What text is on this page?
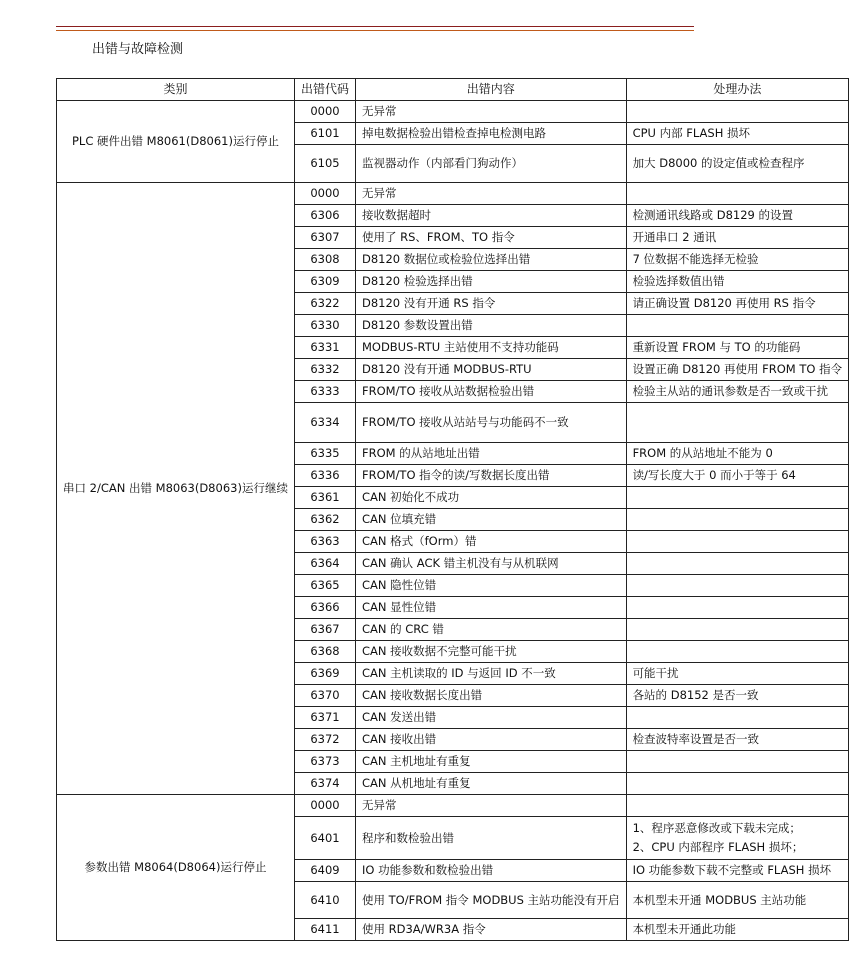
出错与故障检测
类别	出错代码	出错内容	处理办法
PLC 硬件出错 M8061(D8061)运行停止	0000	无异常	
	6101	掉电数据检验出错检查掉电检测电路	CPU 内部 FLASH 损坏
	6105	监视器动作（内部看门狗动作）	加大 D8000 的设定值或检查程序
串口 2/CAN 出错 M8063(D8063)运行继续	0000	无异常	
	6306	接收数据超时	检测通讯线路或 D8129 的设置
	6307	使用了 RS、FROM、TO 指令	开通串口 2 通讯
	6308	D8120 数据位或检验位选择出错	7 位数据不能选择无检验
	6309	D8120 检验选择出错	检验选择数值出错
	6322	D8120 没有开通 RS 指令	请正确设置 D8120 再使用 RS 指令
	6330	D8120 参数设置出错	
	6331	MODBUS-RTU 主站使用不支持功能码	重新设置 FROM 与 TO 的功能码
	6332	D8120 没有开通 MODBUS-RTU	设置正确 D8120 再使用 FROM TO 指令
	6333	FROM/TO 接收从站数据检验出错	检验主从站的通讯参数是否一致或干扰
	6334	FROM/TO 接收从站站号与功能码不一致	
	6335	FROM 的从站地址出错	FROM 的从站地址不能为 0
	6336	FROM/TO 指令的读/写数据长度出错	读/写长度大于 0 而小于等于 64
	6361	CAN 初始化不成功	
	6362	CAN 位填充错	
	6363	CAN 格式（fOrm）错	
	6364	CAN 确认 ACK 错主机没有与从机联网	
	6365	CAN 隐性位错	
	6366	CAN 显性位错	
	6367	CAN 的 CRC 错	
	6368	CAN 接收数据不完整可能干扰	
	6369	CAN 主机读取的 ID 与返回 ID 不一致	可能干扰
	6370	CAN 接收数据长度出错	各站的 D8152 是否一致
	6371	CAN 发送出错	
	6372	CAN 接收出错	检查波特率设置是否一致
	6373	CAN 主机地址有重复	
	6374	CAN 从机地址有重复	
参数出错 M8064(D8064)运行停止	0000	无异常	
	6401	程序和数检验出错	1、程序恶意修改或下载未完成；
2、CPU 内部程序 FLASH 损坏；

	6409	IO 功能参数和数检验出错	IO 功能参数下载不完整或 FLASH 损坏
	6410	使用 TO/FROM 指令 MODBUS 主站功能没有开启	本机型未开通 MODBUS 主站功能
	6411	使用 RD3A/WR3A 指令	本机型未开通此功能
